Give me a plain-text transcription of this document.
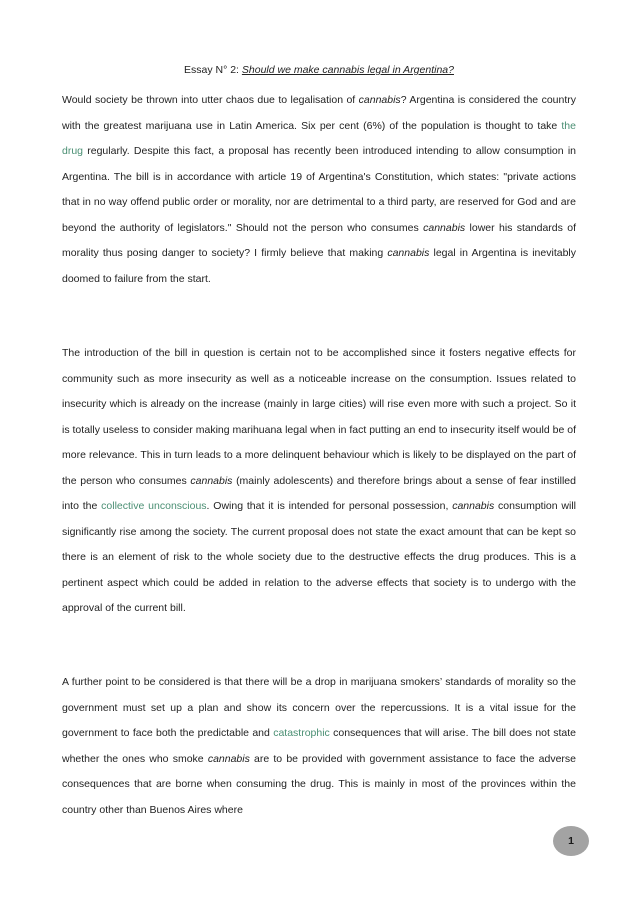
Essay N° 2: Should we make cannabis legal in Argentina?

Would society be thrown into utter chaos due to legalisation of cannabis? Argentina is considered the country with the greatest marijuana use in Latin America. Six per cent (6%) of the population is thought to take the drug regularly. Despite this fact, a proposal has recently been introduced intending to allow consumption in Argentina. The bill is in accordance with article 19 of Argentina's Constitution, which states: "private actions that in no way offend public order or morality, nor are detrimental to a third party, are reserved for God and are beyond the authority of legislators." Should not the person who consumes cannabis lower his standards of morality thus posing danger to society? I firmly believe that making cannabis legal in Argentina is inevitably doomed to failure from the start.

The introduction of the bill in question is certain not to be accomplished since it fosters negative effects for community such as more insecurity as well as a noticeable increase on the consumption. Issues related to insecurity which is already on the increase (mainly in large cities) will rise even more with such a project. So it is totally useless to consider making marihuana legal when in fact putting an end to insecurity itself would be of more relevance. This in turn leads to a more delinquent behaviour which is likely to be displayed on the part of the person who consumes cannabis (mainly adolescents) and therefore brings about a sense of fear instilled into the collective unconscious. Owing that it is intended for personal possession, cannabis consumption will significantly rise among the society. The current proposal does not state the exact amount that can be kept so there is an element of risk to the whole society due to the destructive effects the drug produces. This is a pertinent aspect which could be added in relation to the adverse effects that society is to undergo with the approval of the current bill.

A further point to be considered is that there will be a drop in marijuana smokers’ standards of morality so the government must set up a plan and show its concern over the repercussions. It is a vital issue for the government to face both the predictable and catastrophic consequences that will arise. The bill does not state whether the ones who smoke cannabis are to be provided with government assistance to face the adverse consequences that are borne when consuming the drug. This is mainly in most of the provinces within the country other than Buenos Aires where

1
